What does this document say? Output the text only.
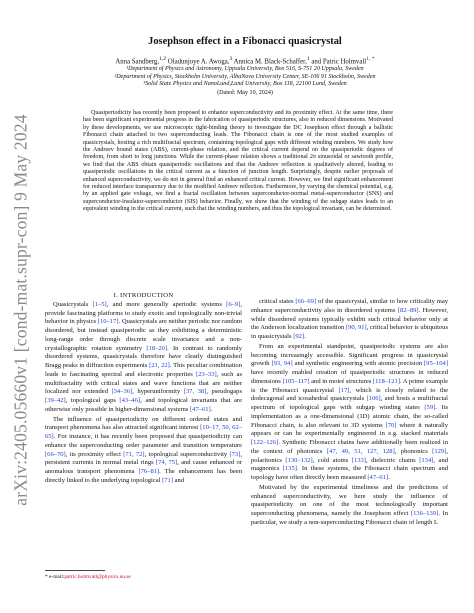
arXiv:2405.05660v1 [cond-mat.supr-con] 9 May 2024
Josephson effect in a Fibonacci quasicrystal
Anna Sandberg,$^{1,2}$ Oladunjoye A. Awoga,$^3$ Annica M. Black-Schaffer,$^1$ and Patric Holmvall$^{1, *}$
¹Department of Physics and Astronomy, Uppsala University, Box 516, S-751 20 Uppsala, Sweden
²Department of Physics, Stockholm University, AlbaNova University Center, SE-106 91 Stockholm, Sweden
³Solid State Physics and NanoLund,Lund University, Box 118, 22100 Lund, Sweden
(Dated: May 10, 2024)

Quasiperiodicity has recently been proposed to enhance superconductivity and its proximity effect. At the same time, there has been significant experimental progress in the fabrication of quasiperiodic structures, also in reduced dimensions. Motivated by these developments, we use microscopic tight-binding theory to investigate the DC Josephson effect through a ballistic Fibonacci chain attached to two superconducting leads. The Fibonacci chain is one of the most studied examples of quasicrystals, hosting a rich multifractal spectrum, containing topological gaps with different winding numbers. We study how the Andreev bound states (ABS), current-phase relation, and the critical current depend on the quasiperiodic degrees of freedom, from short to long junctions. While the current-phase relation shows a traditional 2π sinusoidal or sawtooth profile, we find that the ABS obtain quasiperiodic oscillations and that the Andreev reflection is qualitatively altered, leading to quasiperiodic oscillations in the critical current as a function of junction length. Surprisingly, despite earlier proposals of enhanced superconductivity, we do not in general find an enhanced critical current. However, we find significant enhancement for reduced interface transparency due to the modified Andreev reflection. Furthermore, by varying the chemical potential, e.g. by an applied gate voltage, we find a fractal oscillation between superconductor-normal metal-superconductor (SNS) and superconductor-insulator-superconductor (SIS) behavior. Finally, we show that the winding of the subgap states leads to an equivalent winding in the critical current, such that the winding numbers, and thus the topological invariant, can be determined.

I. INTRODUCTION

Quasicrystals [1–5], and more generally aperiodic systems [6–9], provide fascinating platforms to study exotic and topologically non-trivial behavior in physics [10–17]. Quasicrystals are neither periodic nor random disordered, but instead quasiperiodic as they exhibiting a deterministic long-range order through discrete scale invariance and a non-crystallographic rotation symmetry [18–20]. In contrast to randomly disordered systems, quasicrystals therefore have clearly distinguished Bragg peaks in diffraction experiments [21, 22]. This peculiar combination leads to fascinating spectral and electronic properties [23–33], such as multifractality with critical states and wave functions that are neither localized nor extended [34–36], hyperuniformity [37, 38], pseudogaps [39–42], topological gaps [43–46], and topological invariants that are otherwise only possible in higher-dimensional systems [47–61].

The influence of quasiperiodicity on different ordered states and transport phenomena has also attracted significant interest [10–17, 50, 62–65]. For instance, it has recently been proposed that quasiperiodicity can enhance the superconducting order parameter and transition temperature [66–70], its proximity effect [71, 72], topological superconductivity [73], persistent currents in normal metal rings [74, 75], and cause enhanced or anomalous transport phenomena [76–81]. The enhancement has been directly linked to the underlying topological [71] and

critical states [66–69] of the quasicrystal, similar to how criticality may enhance superconductivity also in disordered systems [82–89]. However, while disordered systems typically exhibit such critical behavior only at the Anderson localization transition [90, 91], critical behavior is ubiquitous in quasicrystals [92].

From an experimental standpoint, quasiperiodic systems are also becoming increasingly accessible. Significant progress in quasicrystal growth [93, 94] and synthetic engineering with atomic precision [95–104] have recently enabled creation of quasiperiodic structures in reduced dimensions [105–117] and in moiré structures [118–121]. A prime example is the Fibonacci quasicrystal [17], which is closely related to the dodecagonal and icosahedral quasicrystals [106], and hosts a multifractal spectrum of topological gaps with subgap winding states [59]. Its implementation as a one-dimensional (1D) atomic chain, the so-called Fibonacci chain, is also relevant to 3D systems [70] where it naturally appears or can be experimentally engineered in e.g. stacked materials [122–126]. Synthetic Fibonacci chains have additionally been realized in the context of photonics [47, 49, 51, 127, 128], phononics [129], polaritonics [130–132], cold atoms [133], dielectric chains [134], and magnonics [135]. In these systems, the Fibonacci chain spectrum and topology have often directly been measured [47–61].

Motivated by the experimental timeliness and the predictions of enhanced superconductivity, we here study the influence of quasiperiodicity on one of the most technologically important superconducting phenomena, namely the Josephson effect [136–139]. In particular, we study a non-superconducting Fibonacci chain of length L

* e-mail:patric.holmvall@physics.uu.se
